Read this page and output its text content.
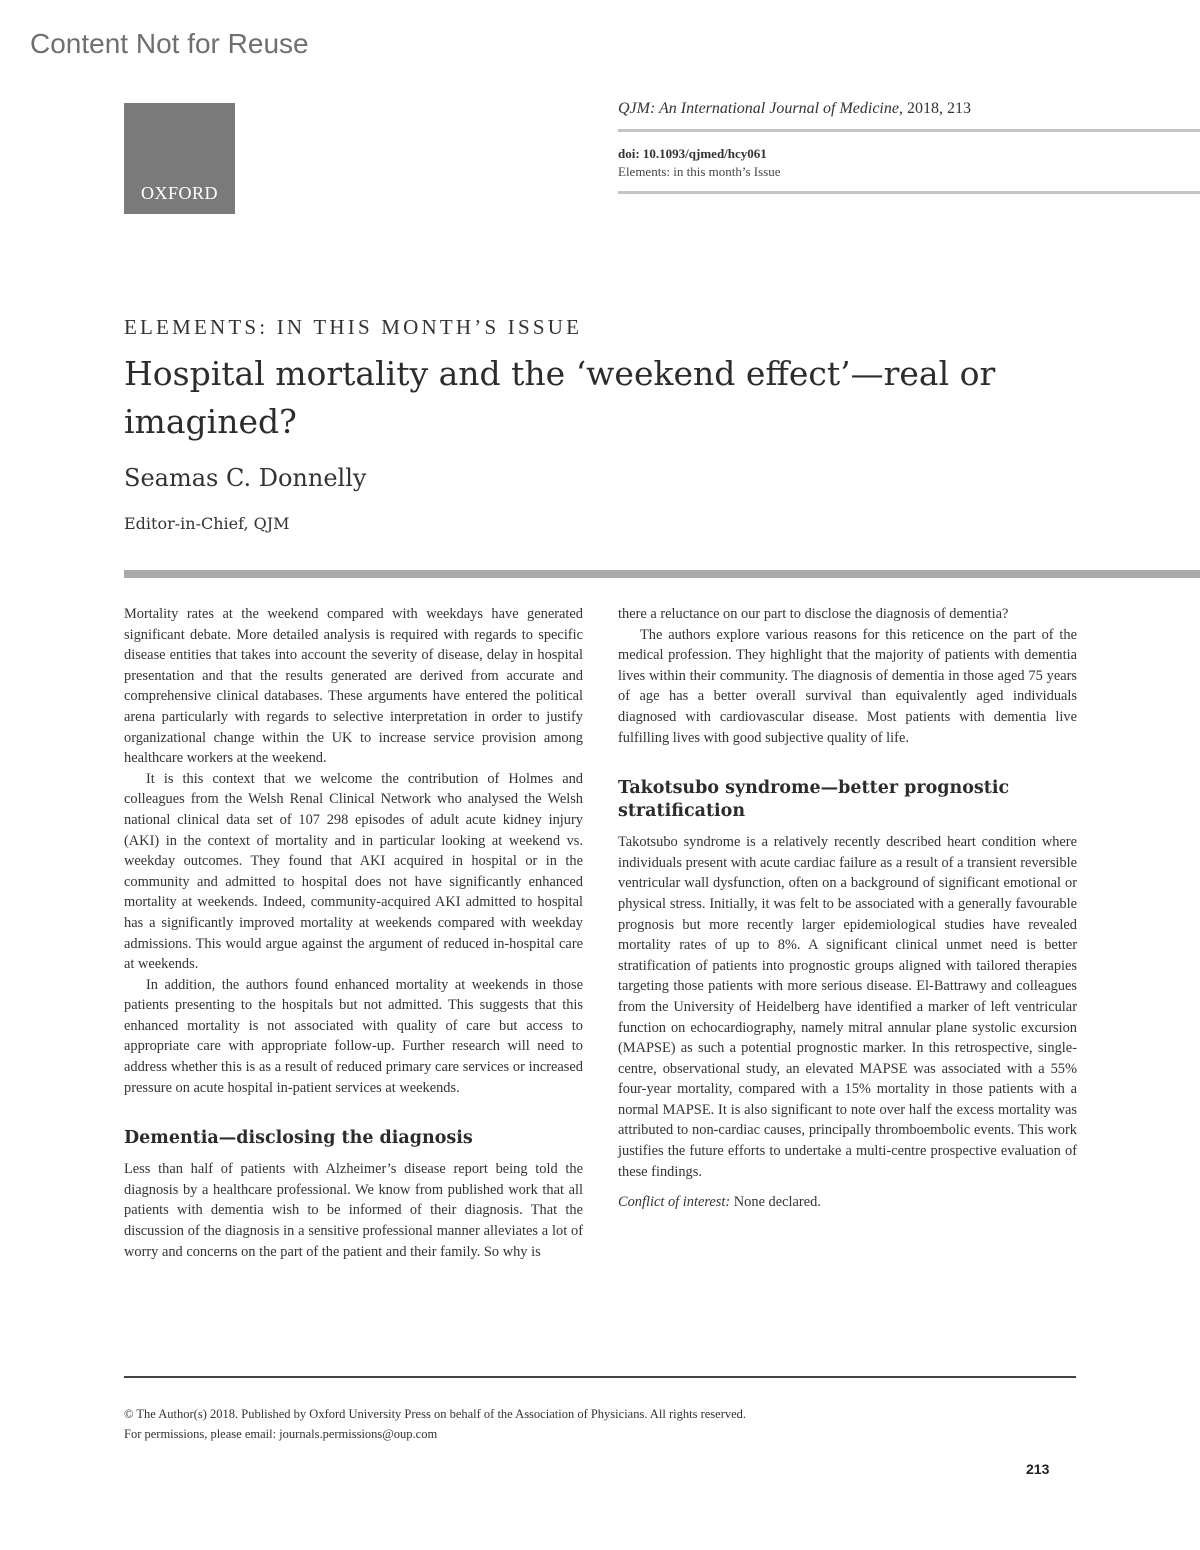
Content Not for Reuse
OXFORD
QJM: An International Journal of Medicine, 2018, 213
doi: 10.1093/qjmed/hcy061
Elements: in this month’s Issue
ELEMENTS: IN THIS MONTH’S ISSUE
Hospital mortality and the ‘weekend effect’—real or imagined?
Seamas C. Donnelly
Editor-in-Chief, QJM

Mortality rates at the weekend compared with weekdays have generated significant debate. More detailed analysis is required with regards to specific disease entities that takes into account the severity of disease, delay in hospital presentation and that the results generated are derived from accurate and comprehensive clinical databases. These arguments have entered the political arena particularly with regards to selective interpretation in order to justify organizational change within the UK to increase service provision among healthcare workers at the weekend.

It is this context that we welcome the contribution of Holmes and colleagues from the Welsh Renal Clinical Network who analysed the Welsh national clinical data set of 107 298 episodes of adult acute kidney injury (AKI) in the context of mortality and in particular looking at weekend vs. weekday outcomes. They found that AKI acquired in hospital or in the community and admitted to hospital does not have significantly enhanced mortality at weekends. Indeed, community-acquired AKI admitted to hospital has a significantly improved mortality at weekends compared with weekday admissions. This would argue against the argument of reduced in-hospital care at weekends.

In addition, the authors found enhanced mortality at weekends in those patients presenting to the hospitals but not admitted. This suggests that this enhanced mortality is not associated with quality of care but access to appropriate care with appropriate follow-up. Further research will need to address whether this is as a result of reduced primary care services or increased pressure on acute hospital in-patient services at weekends.

Dementia—disclosing the diagnosis

Less than half of patients with Alzheimer’s disease report being told the diagnosis by a healthcare professional. We know from published work that all patients with dementia wish to be informed of their diagnosis. That the discussion of the diagnosis in a sensitive professional manner alleviates a lot of worry and concerns on the part of the patient and their family. So why is

there a reluctance on our part to disclose the diagnosis of dementia?

The authors explore various reasons for this reticence on the part of the medical profession. They highlight that the majority of patients with dementia lives within their community. The diagnosis of dementia in those aged 75 years of age has a better overall survival than equivalently aged individuals diagnosed with cardiovascular disease. Most patients with dementia live fulfilling lives with good subjective quality of life.

Takotsubo syndrome—better prognostic stratification

Takotsubo syndrome is a relatively recently described heart condition where individuals present with acute cardiac failure as a result of a transient reversible ventricular wall dysfunction, often on a background of significant emotional or physical stress. Initially, it was felt to be associated with a generally favourable prognosis but more recently larger epidemiological studies have revealed mortality rates of up to 8%. A significant clinical unmet need is better stratification of patients into prognostic groups aligned with tailored therapies targeting those patients with more serious disease. El-Battrawy and colleagues from the University of Heidelberg have identified a marker of left ventricular function on echocardiography, namely mitral annular plane systolic excursion (MAPSE) as such a potential prognostic marker. In this retrospective, single-centre, observational study, an elevated MAPSE was associated with a 55% four-year mortality, compared with a 15% mortality in those patients with a normal MAPSE. It is also significant to note over half the excess mortality was attributed to non-cardiac causes, principally thromboembolic events. This work justifies the future efforts to undertake a multi-centre prospective evaluation of these findings.

Conflict of interest: None declared.

© The Author(s) 2018. Published by Oxford University Press on behalf of the Association of Physicians. All rights reserved.
For permissions, please email: journals.permissions@oup.com
213
